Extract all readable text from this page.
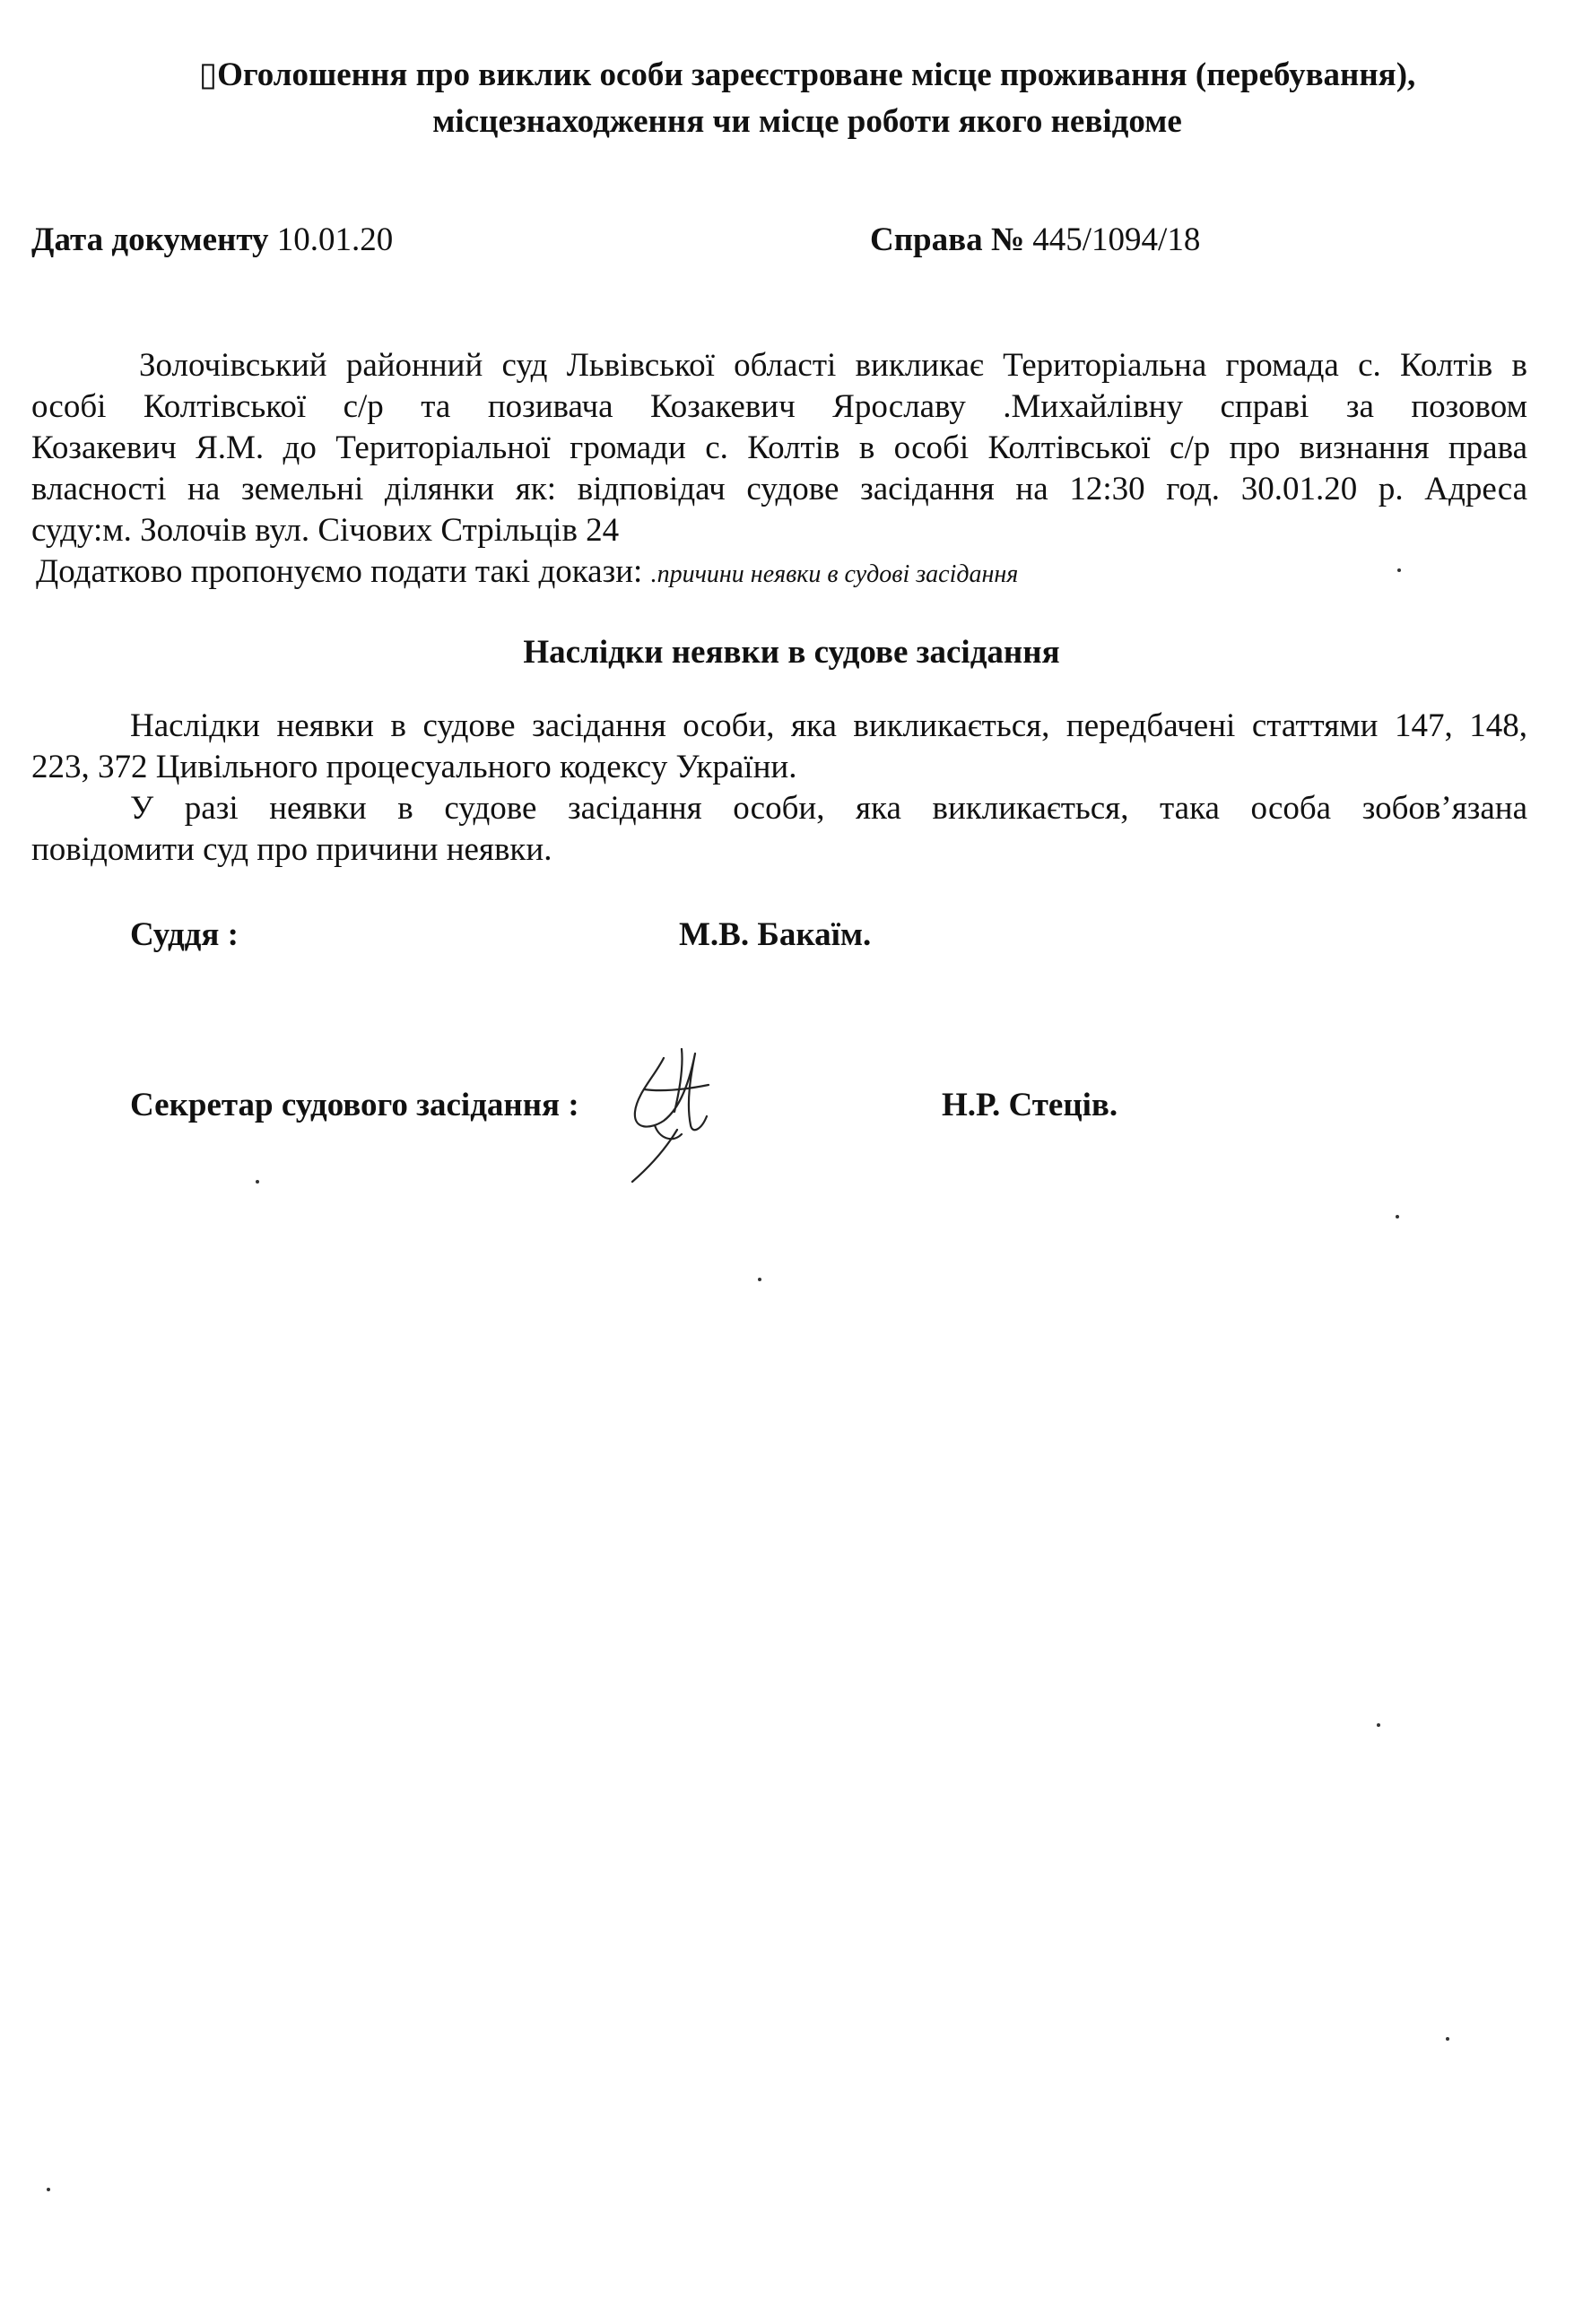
▯Оголошення про виклик особи зареєстроване місце проживання (перебування),
місцезнаходження чи місце роботи якого невідоме
Дата документу 10.01.20	Справа № 445/1094/18
Золочівський районний суд Львівської області викликає Територіальна громада с. Колтів в
особі Колтівської с/р та позивача Козакевич Ярославу .Михайлівну справі за позовом
Козакевич Я.М. до Територіальної громади с. Колтів в особі Колтівської с/р про визнання права
власності на земельні ділянки як: відповідач судове засідання на 12:30 год. 30.01.20 р. Адреса
суду:м. Золочів вул. Січових Стрільців 24
Додатково пропонуємо подати такі докази: .причини неявки в судові засідання
Наслідки неявки в судове засідання
Наслідки неявки в судове засідання особи, яка викликається, передбачені статтями 147, 148,
223, 372 Цивільного процесуального кодексу України.
У разі неявки в судове засідання особи, яка викликається, така особа зобов’язана
повідомити суд про причини неявки.
Суддя :	М.В. Бакаїм.
Секретар судового засідання :	Н.Р. Стеців.
